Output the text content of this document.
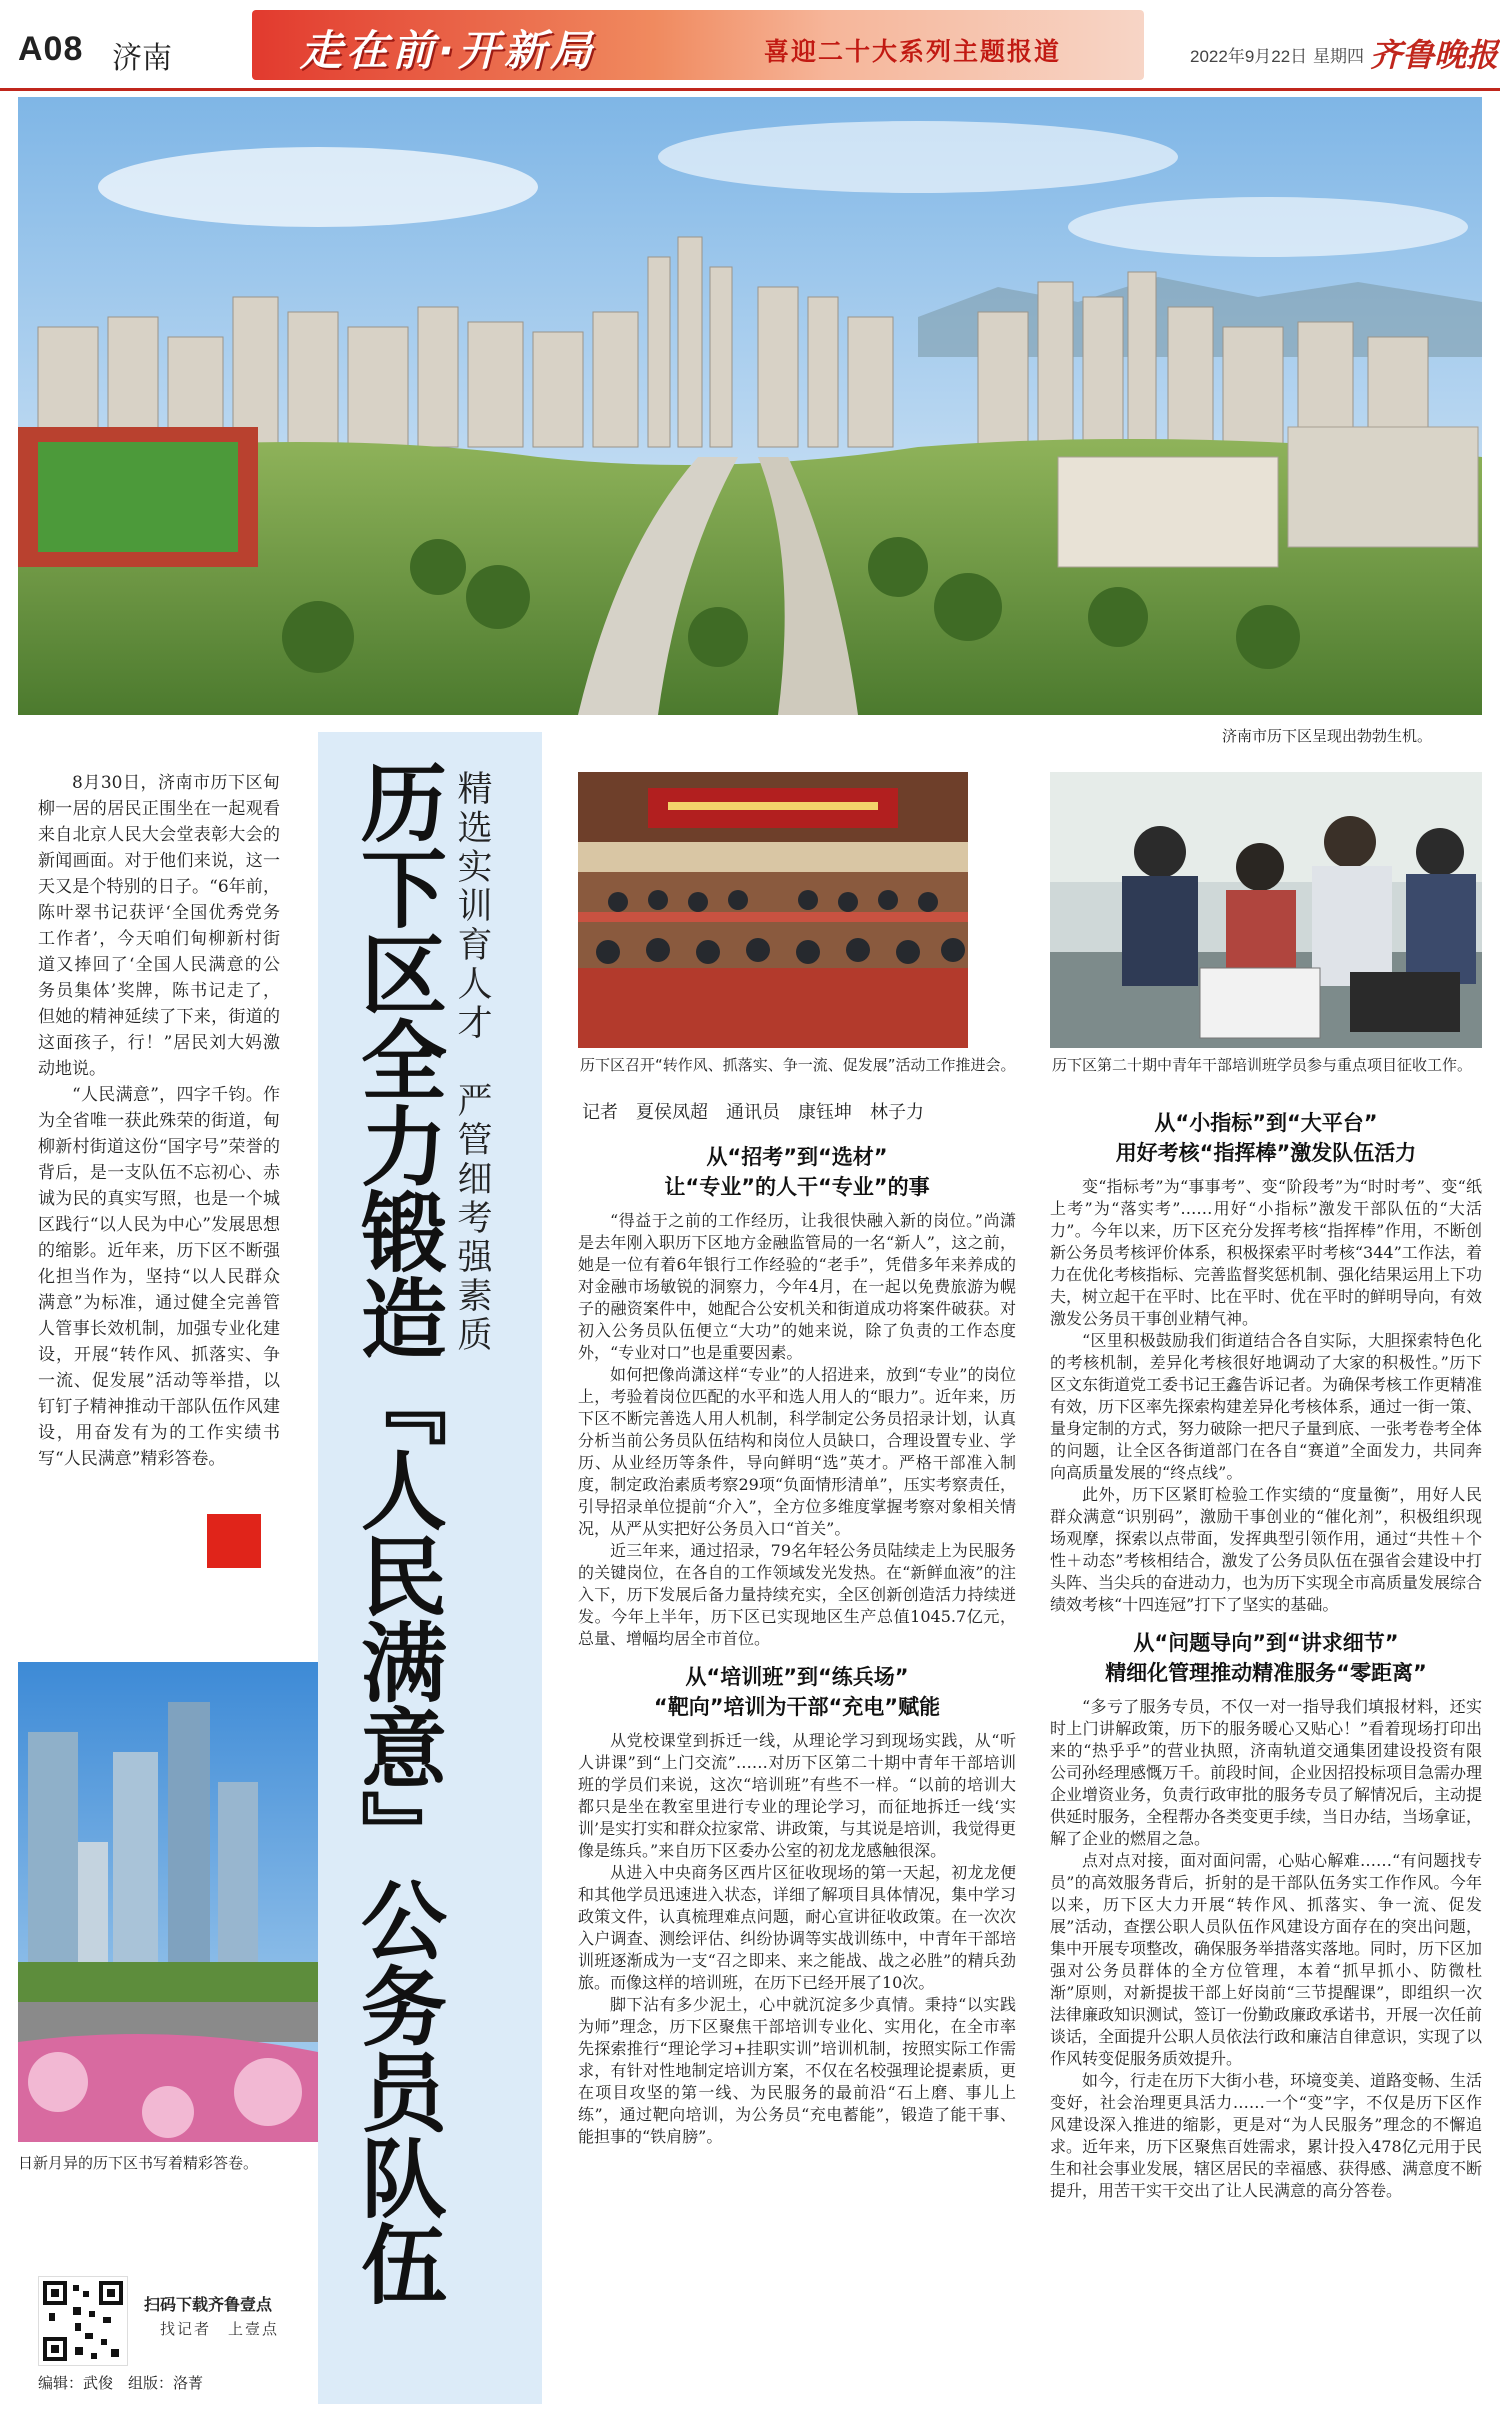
A08 济南	走在前·开新局	喜迎二十大系列主题报道	2022年9月22日 星期四 齐鲁晚报
济南市历下区呈现出勃勃生机。

8月30日，济南市历下区甸柳一居的居民正围坐在一起观看来自北京人民大会堂表彰大会的新闻画面。对于他们来说，这一天又是个特别的日子。“6年前，陈叶翠书记获评‘全国优秀党务工作者’，今天咱们甸柳新村街道又捧回了‘全国人民满意的公务员集体’奖牌，陈书记走了，但她的精神延续了下来，街道的这面孩子，行！”居民刘大妈激动地说。

“人民满意”，四字千钧。作为全省唯一获此殊荣的街道，甸柳新村街道这份“国字号”荣誉的背后，是一支队伍不忘初心、赤诚为民的真实写照，也是一个城区践行“以人民为中心”发展思想的缩影。近年来，历下区不断强化担当作为，坚持“以人民群众满意”为标准，通过健全完善管人管事长效机制，加强专业化建设，开展“转作风、抓落实、争一流、促发展”活动等举措，以钉钉子精神推动干部队伍作风建设，用奋发有为的工作实绩书写“人民满意”精彩答卷。

日新月异的历下区书写着精彩答卷。
扫码下载齐鲁壹点
找记者　上壹点
编辑：武俊　组版：洛菁
历下区全力锻造『人民满意』公务员队伍 精选实训育人才　严管细考强素质	历下区召开“转作风、抓落实、争一流、促发展”活动工作推进会。 历下区第二十期中青年干部培训班学员参与重点项目征收工作。
记者　夏侯凤超　通讯员　康钰坤　林子力
从“招考”到“选材”
让“专业”的人干“专业”的事

“得益于之前的工作经历，让我很快融入新的岗位。”尚潇是去年刚入职历下区地方金融监管局的一名“新人”，这之前，她是一位有着6年银行工作经验的“老手”，凭借多年来养成的对金融市场敏锐的洞察力，今年4月，在一起以免费旅游为幌子的融资案件中，她配合公安机关和街道成功将案件破获。对初入公务员队伍便立“大功”的她来说，除了负责的工作态度外，“专业对口”也是重要因素。

如何把像尚潇这样“专业”的人招进来，放到“专业”的岗位上，考验着岗位匹配的水平和选人用人的“眼力”。近年来，历下区不断完善选人用人机制，科学制定公务员招录计划，认真分析当前公务员队伍结构和岗位人员缺口，合理设置专业、学历、从业经历等条件，导向鲜明“选”英才。严格干部准入制度，制定政治素质考察29项“负面情形清单”，压实考察责任，引导招录单位提前“介入”，全方位多维度掌握考察对象相关情况，从严从实把好公务员入口“首关”。

近三年来，通过招录，79名年轻公务员陆续走上为民服务的关键岗位，在各自的工作领域发光发热。在“新鲜血液”的注入下，历下发展后备力量持续充实，全区创新创造活力持续迸发。今年上半年，历下区已实现地区生产总值1045.7亿元，总量、增幅均居全市首位。

从“培训班”到“练兵场”
“靶向”培训为干部“充电”赋能

从党校课堂到拆迁一线，从理论学习到现场实践，从“听人讲课”到“上门交流”……对历下区第二十期中青年干部培训班的学员们来说，这次“培训班”有些不一样。“以前的培训大都只是坐在教室里进行专业的理论学习，而征地拆迁一线‘实训’是实打实和群众拉家常、讲政策，与其说是培训，我觉得更像是练兵。”来自历下区委办公室的初龙龙感触很深。

从进入中央商务区西片区征收现场的第一天起，初龙龙便和其他学员迅速进入状态，详细了解项目具体情况，集中学习政策文件，认真梳理难点问题，耐心宣讲征收政策。在一次次入户调查、测绘评估、纠纷协调等实战训练中，中青年干部培训班逐渐成为一支“召之即来、来之能战、战之必胜”的精兵劲旅。而像这样的培训班，在历下已经开展了10次。

脚下沾有多少泥土，心中就沉淀多少真情。秉持“以实践为师”理念，历下区聚焦干部培训专业化、实用化，在全市率先探索推行“理论学习+挂职实训”培训机制，按照实际工作需求，有针对性地制定培训方案，不仅在名校强理论提素质，更在项目攻坚的第一线、为民服务的最前沿“石上磨、事儿上练”，通过靶向培训，为公务员“充电蓄能”，锻造了能干事、能担事的“铁肩膀”。

从“小指标”到“大平台”
用好考核“指挥棒”激发队伍活力

变“指标考”为“事事考”、变“阶段考”为“时时考”、变“纸上考”为“落实考”……用好“小指标”激发干部队伍的“大活力”。今年以来，历下区充分发挥考核“指挥棒”作用，不断创新公务员考核评价体系，积极探索平时考核“344”工作法，着力在优化考核指标、完善监督奖惩机制、强化结果运用上下功夫，树立起干在平时、比在平时、优在平时的鲜明导向，有效激发公务员干事创业精气神。

“区里积极鼓励我们街道结合各自实际，大胆探索特色化的考核机制，差异化考核很好地调动了大家的积极性。”历下区文东街道党工委书记王鑫告诉记者。为确保考核工作更精准有效，历下区率先探索构建差异化考核体系，通过一街一策、量身定制的方式，努力破除一把尺子量到底、一张考卷考全体的问题，让全区各街道部门在各自“赛道”全面发力，共同奔向高质量发展的“终点线”。

此外，历下区紧盯检验工作实绩的“度量衡”，用好人民群众满意“识别码”，激励干事创业的“催化剂”，积极组织现场观摩，探索以点带面，发挥典型引领作用，通过“共性＋个性＋动态”考核相结合，激发了公务员队伍在强省会建设中打头阵、当尖兵的奋进动力，也为历下实现全市高质量发展综合绩效考核“十四连冠”打下了坚实的基础。

从“问题导向”到“讲求细节”
精细化管理推动精准服务“零距离”

“多亏了服务专员，不仅一对一指导我们填报材料，还实时上门讲解政策，历下的服务暖心又贴心！”看着现场打印出来的“热乎乎”的营业执照，济南轨道交通集团建设投资有限公司孙经理感慨万千。前段时间，企业因招投标项目急需办理企业增资业务，负责行政审批的服务专员了解情况后，主动提供延时服务，全程帮办各类变更手续，当日办结，当场拿证，解了企业的燃眉之急。

点对点对接，面对面问需，心贴心解难……“有问题找专员”的高效服务背后，折射的是干部队伍务实工作作风。今年以来，历下区大力开展“转作风、抓落实、争一流、促发展”活动，查摆公职人员队伍作风建设方面存在的突出问题，集中开展专项整改，确保服务举措落实落地。同时，历下区加强对公务员群体的全方位管理，本着“抓早抓小、防微杜渐”原则，对新提拔干部上好岗前“三节提醒课”，即组织一次法律廉政知识测试，签订一份勤政廉政承诺书，开展一次任前谈话，全面提升公职人员依法行政和廉洁自律意识，实现了以作风转变促服务质效提升。

如今，行走在历下大街小巷，环境变美、道路变畅、生活变好，社会治理更具活力……一个“变”字，不仅是历下区作风建设深入推进的缩影，更是对“为人民服务”理念的不懈追求。近年来，历下区聚焦百姓需求，累计投入478亿元用于民生和社会事业发展，辖区居民的幸福感、获得感、满意度不断提升，用苦干实干交出了让人民满意的高分答卷。
